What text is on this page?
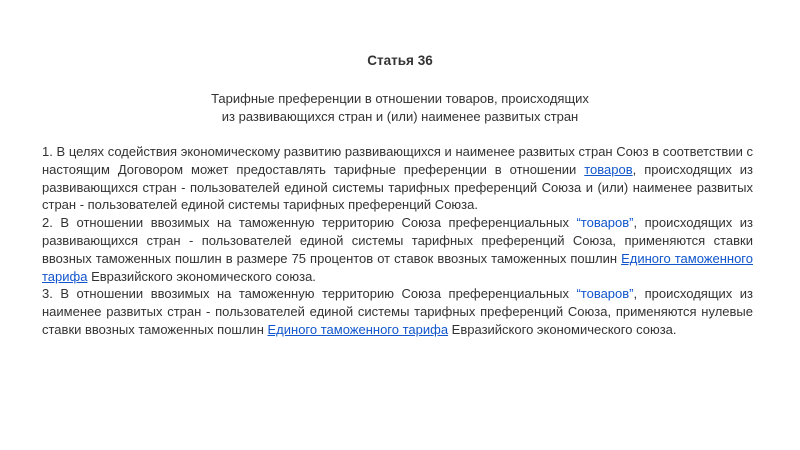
Статья 36
Тарифные преференции в отношении товаров, происходящих
из развивающихся стран и (или) наименее развитых стран

1. В целях содействия экономическому развитию развивающихся и наименее развитых стран Союз в соответствии с настоящим Договором может предоставлять тарифные преференции в отношении товаров, происходящих из развивающихся стран - пользователей единой системы тарифных преференций Союза и (или) наименее развитых стран - пользователей единой системы тарифных преференций Союза.

2. В отношении ввозимых на таможенную территорию Союза преференциальных “товаров”, происходящих из развивающихся стран - пользователей единой системы тарифных преференций Союза, применяются ставки ввозных таможенных пошлин в размере 75 процентов от ставок ввозных таможенных пошлин Единого таможенного тарифа Евразийского экономического союза.

3. В отношении ввозимых на таможенную территорию Союза преференциальных “товаров”, происходящих из наименее развитых стран - пользователей единой системы тарифных преференций Союза, применяются нулевые ставки ввозных таможенных пошлин Единого таможенного тарифа Евразийского экономического союза.
